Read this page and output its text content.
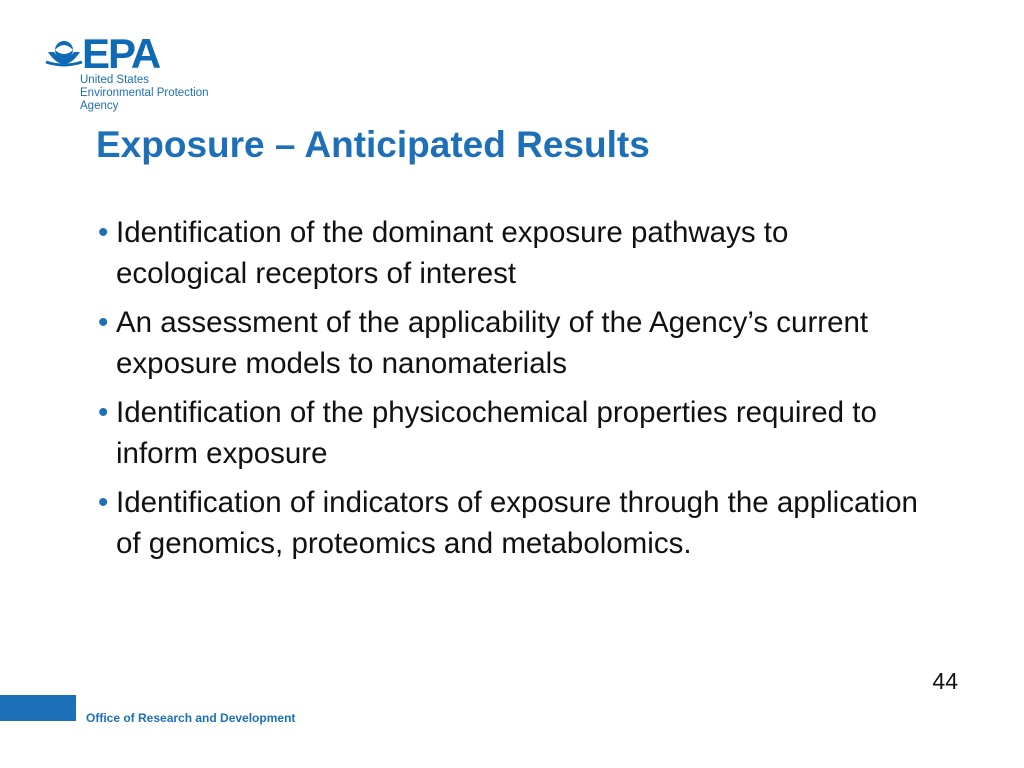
EPA
United States
Environmental Protection
Agency
Exposure – Anticipated Results
• Identification of the dominant exposure pathways to ecological receptors of interest
• An assessment of the applicability of the Agency’s current exposure models to nanomaterials
• Identification of the physicochemical properties required to inform exposure
• Identification of indicators of exposure through the application of genomics, proteomics and metabolomics.
44
Office of Research and Development
